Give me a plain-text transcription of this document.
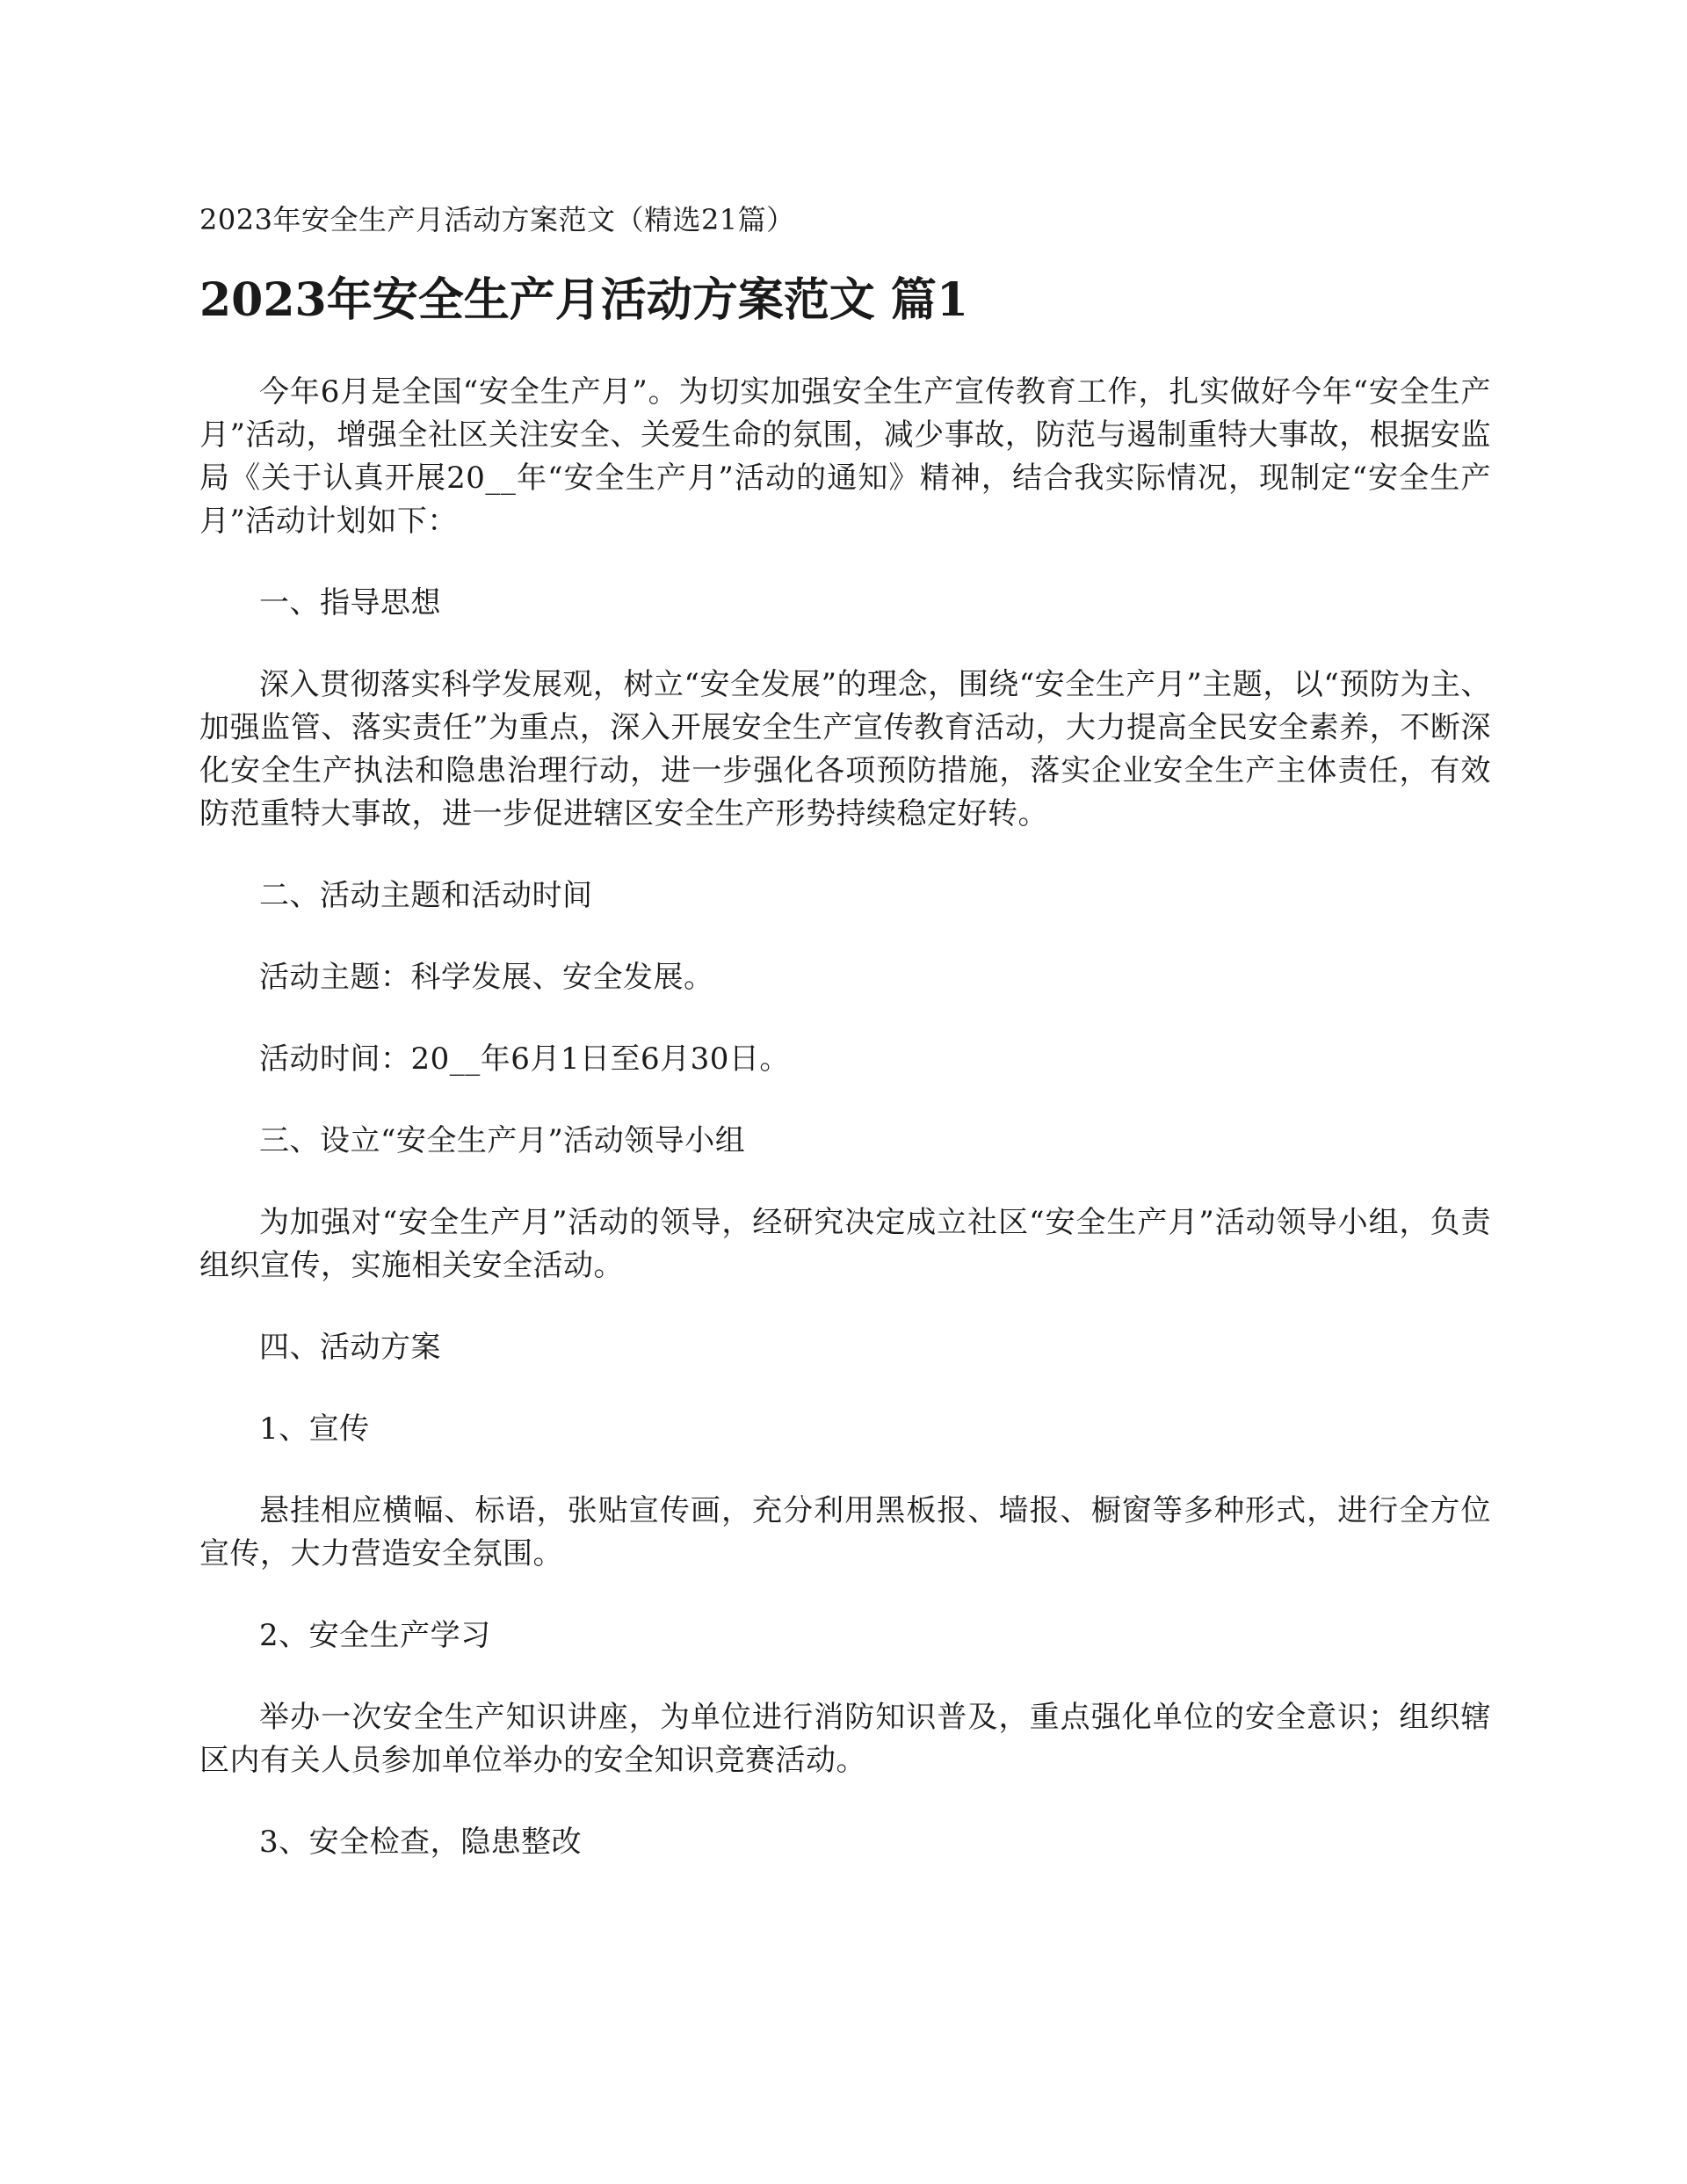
2023年安全生产月活动方案范文（精选21篇）
2023年安全生产月活动方案范文 篇1

今年6月是全国“安全生产月”。为切实加强安全生产宣传教育工作，扎实做好今年“安全生产月”活动，增强全社区关注安全、关爱生命的氛围，减少事故，防范与遏制重特大事故，根据安监局《关于认真开展20__年“安全生产月”活动的通知》精神，结合我实际情况，现制定“安全生产月”活动计划如下：

一、指导思想

深入贯彻落实科学发展观，树立“安全发展”的理念，围绕“安全生产月”主题，以“预防为主、加强监管、落实责任”为重点，深入开展安全生产宣传教育活动，大力提高全民安全素养，不断深化安全生产执法和隐患治理行动，进一步强化各项预防措施，落实企业安全生产主体责任，有效防范重特大事故，进一步促进辖区安全生产形势持续稳定好转。

二、活动主题和活动时间

活动主题：科学发展、安全发展。

活动时间：20__年6月1日至6月30日。

三、设立“安全生产月”活动领导小组

为加强对“安全生产月”活动的领导，经研究决定成立社区“安全生产月”活动领导小组，负责组织宣传，实施相关安全活动。

四、活动方案

1、宣传

悬挂相应横幅、标语，张贴宣传画，充分利用黑板报、墙报、橱窗等多种形式，进行全方位宣传，大力营造安全氛围。

2、安全生产学习

举办一次安全生产知识讲座，为单位进行消防知识普及，重点强化单位的安全意识；组织辖区内有关人员参加单位举办的安全知识竞赛活动。

3、安全检查，隐患整改
